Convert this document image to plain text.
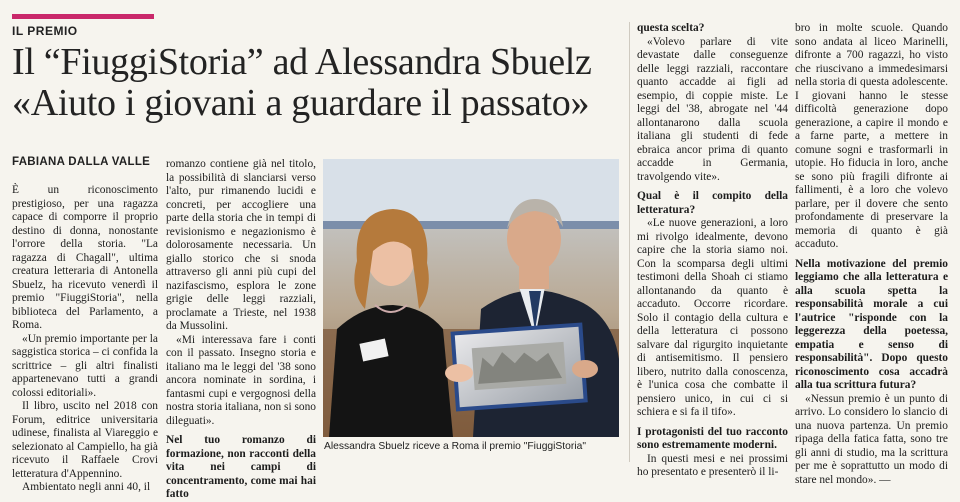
IL PREMIO
Il “FiuggiStoria” ad Alessandra Sbuelz
«Aiuto i giovani a guardare il passato»
FABIANA DALLA VALLE

È un riconoscimento prestigioso, per una ragazza capace di comporre il proprio destino di donna, nonostante l'orrore della storia. "La ragazza di Chagall", ultima creatura letteraria di Antonella Sbuelz, ha ricevuto venerdì il premio "FiuggiStoria", nella biblioteca del Parlamento, a Roma.

«Un premio importante per la saggistica storica – ci confida la scrittrice – gli altri finalisti appartenevano tutti a grandi colossi editoriali».

Il libro, uscito nel 2018 con Forum, editrice universitaria udinese, finalista al Viareggio e selezionato al Campiello, ha già ricevuto il Raffaele Crovi letteratura d'Appennino.

Ambientato negli anni 40, il

romanzo contiene già nel titolo, la possibilità di slanciarsi verso l'alto, pur rimanendo lucidi e concreti, per accogliere una parte della storia che in tempi di revisionismo e negazionismo è dolorosamente necessaria. Un giallo storico che si snoda attraverso gli anni più cupi del nazifascismo, esplora le zone grigie delle leggi razziali, proclamate a Trieste, nel 1938 da Mussolini.

«Mi interessava fare i conti con il passato. Insegno storia e italiano ma le leggi del '38 sono ancora nominate in sordina, i fantasmi cupi e vergognosi della nostra storia italiana, non si sono dileguati».

Nel tuo romanzo di formazione, non racconti della vita nei campi di concentramento, come mai hai fatto

Alessandra Sbuelz riceve a Roma il premio "FiuggiStoria"

questa scelta?

«Volevo parlare di vite devastate dalle conseguenze delle leggi razziali, raccontare quanto accadde ai figli ad esempio, di coppie miste. Le leggi del '38, abrogate nel '44 allontanarono dalla scuola italiana gli studenti di fede ebraica ancor prima di quanto accadde in Germania, travolgendo vite».

Qual è il compito della letteratura?

«Le nuove generazioni, a loro mi rivolgo idealmente, devono capire che la storia siamo noi. Con la scomparsa degli ultimi testimoni della Shoah ci stiamo allontanando da quanto è accaduto. Occorre ricordare. Solo il contagio della cultura e della letteratura ci possono salvare dal rigurgito inquietante di antisemitismo. Il pensiero libero, nutrito dalla conoscenza, è l'unica cosa che combatte il pensiero unico, in cui ci si schiera e si fa il tifo».

I protagonisti del tuo racconto sono estremamente moderni.

In questi mesi e nei prossimi ho presentato e presenterò il li-

bro in molte scuole. Quando sono andata al liceo Marinelli, difronte a 700 ragazzi, ho visto che riuscivano a immedesimarsi nella storia di questa adolescente. I giovani hanno le stesse difficoltà generazione dopo generazione, a capire il mondo e a farne parte, a mettere in comune sogni e trasformarli in utopie. Ho fiducia in loro, anche se sono più fragili difronte ai fallimenti, è a loro che volevo parlare, per il dovere che sento profondamente di preservare la memoria di quanto è già accaduto.

Nella motivazione del premio leggiamo che alla letteratura e alla scuola spetta la responsabilità morale a cui l'autrice "risponde con la leggerezza della poetessa, empatia e senso di responsabilità". Dopo questo riconoscimento cosa accadrà alla tua scrittura futura?

«Nessun premio è un punto di arrivo. Lo considero lo slancio di una nuova partenza. Un premio ripaga della fatica fatta, sono tre gli anni di studio, ma la scrittura per me è soprattutto un modo di stare nel mondo». —
